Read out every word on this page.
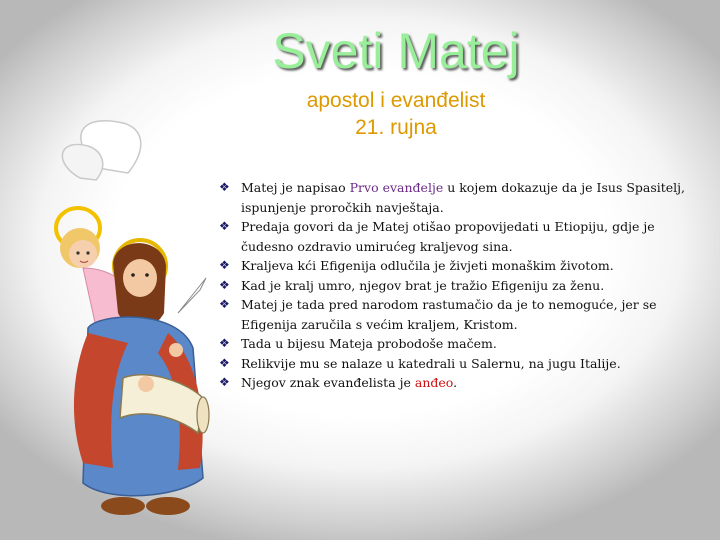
Sveti Matej
apostol i evanđelist
21. rujna
❖ Matej je napisao Prvo evanđelje u kojem dokazuje da je Isus Spasitelj, ispunjenje proročkih navještaja.
❖ Predaja govori da je Matej otišao propovijedati u Etiopiju, gdje je čudesno ozdravio umirućeg kraljevog sina.
❖ Kraljeva kći Efigenija odlučila je živjeti monaškim životom.
❖ Kad je kralj umro, njegov brat je tražio Efigeniju za ženu.
❖ Matej je tada pred narodom rastumačio da je to nemoguće, jer se Efigenija zaručila s većim kraljem, Kristom.
❖ Tada u bijesu Mateja probodoše mačem.
❖ Relikvije mu se nalaze u katedrali u Salernu, na jugu Italije.
❖ Njegov znak evanđelista je anđeo.
